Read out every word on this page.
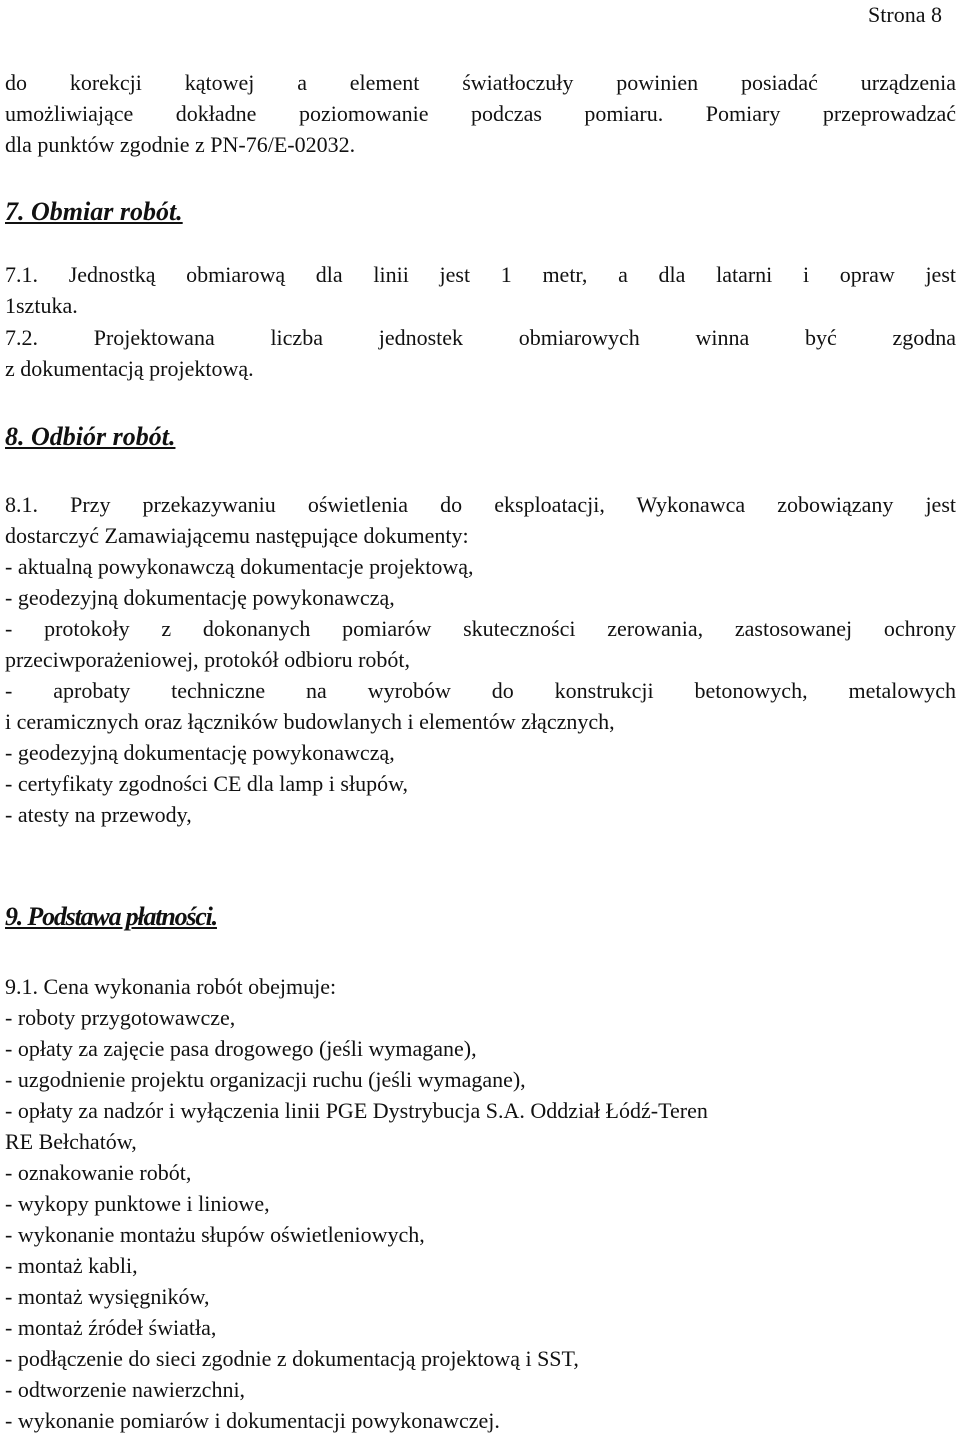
Strona 8
do korekcji kątowej a element światłoczuły powinien posiadać urządzenia
umożliwiające dokładne poziomowanie podczas pomiaru. Pomiary przeprowadzać
dla punktów zgodnie z PN-76/E-02032.
7. Obmiar robót.
7.1. Jednostką obmiarową dla linii jest 1 metr, a dla latarni i opraw jest
1sztuka.
7.2. Projektowana liczba jednostek obmiarowych winna być zgodna
z dokumentacją projektową.
8. Odbiór robót.
8.1. Przy przekazywaniu oświetlenia do eksploatacji, Wykonawca zobowiązany jest
dostarczyć Zamawiającemu następujące dokumenty:
- aktualną powykonawczą dokumentacje projektową,
- geodezyjną dokumentację powykonawczą,
- protokoły z dokonanych pomiarów skuteczności zerowania, zastosowanej ochrony
przeciwporażeniowej, protokół odbioru robót,
- aprobaty techniczne na wyrobów do konstrukcji betonowych, metalowych
i ceramicznych oraz łączników budowlanych i elementów złącznych,
- geodezyjną dokumentację powykonawczą,
- certyfikaty zgodności CE dla lamp i słupów,
- atesty na przewody,
9. Podstawa płatności.
9.1. Cena wykonania robót obejmuje:
- roboty przygotowawcze,
- opłaty za zajęcie pasa drogowego (jeśli wymagane),
- uzgodnienie projektu organizacji ruchu (jeśli wymagane),
- opłaty za nadzór i wyłączenia linii PGE Dystrybucja S.A. Oddział Łódź-Teren
RE Bełchatów,
- oznakowanie robót,
- wykopy punktowe i liniowe,
- wykonanie montażu słupów oświetleniowych,
- montaż kabli,
- montaż wysięgników,
- montaż źródeł światła,
- podłączenie do sieci zgodnie z dokumentacją projektową i SST,
- odtworzenie nawierzchni,
- wykonanie pomiarów i dokumentacji powykonawczej.
